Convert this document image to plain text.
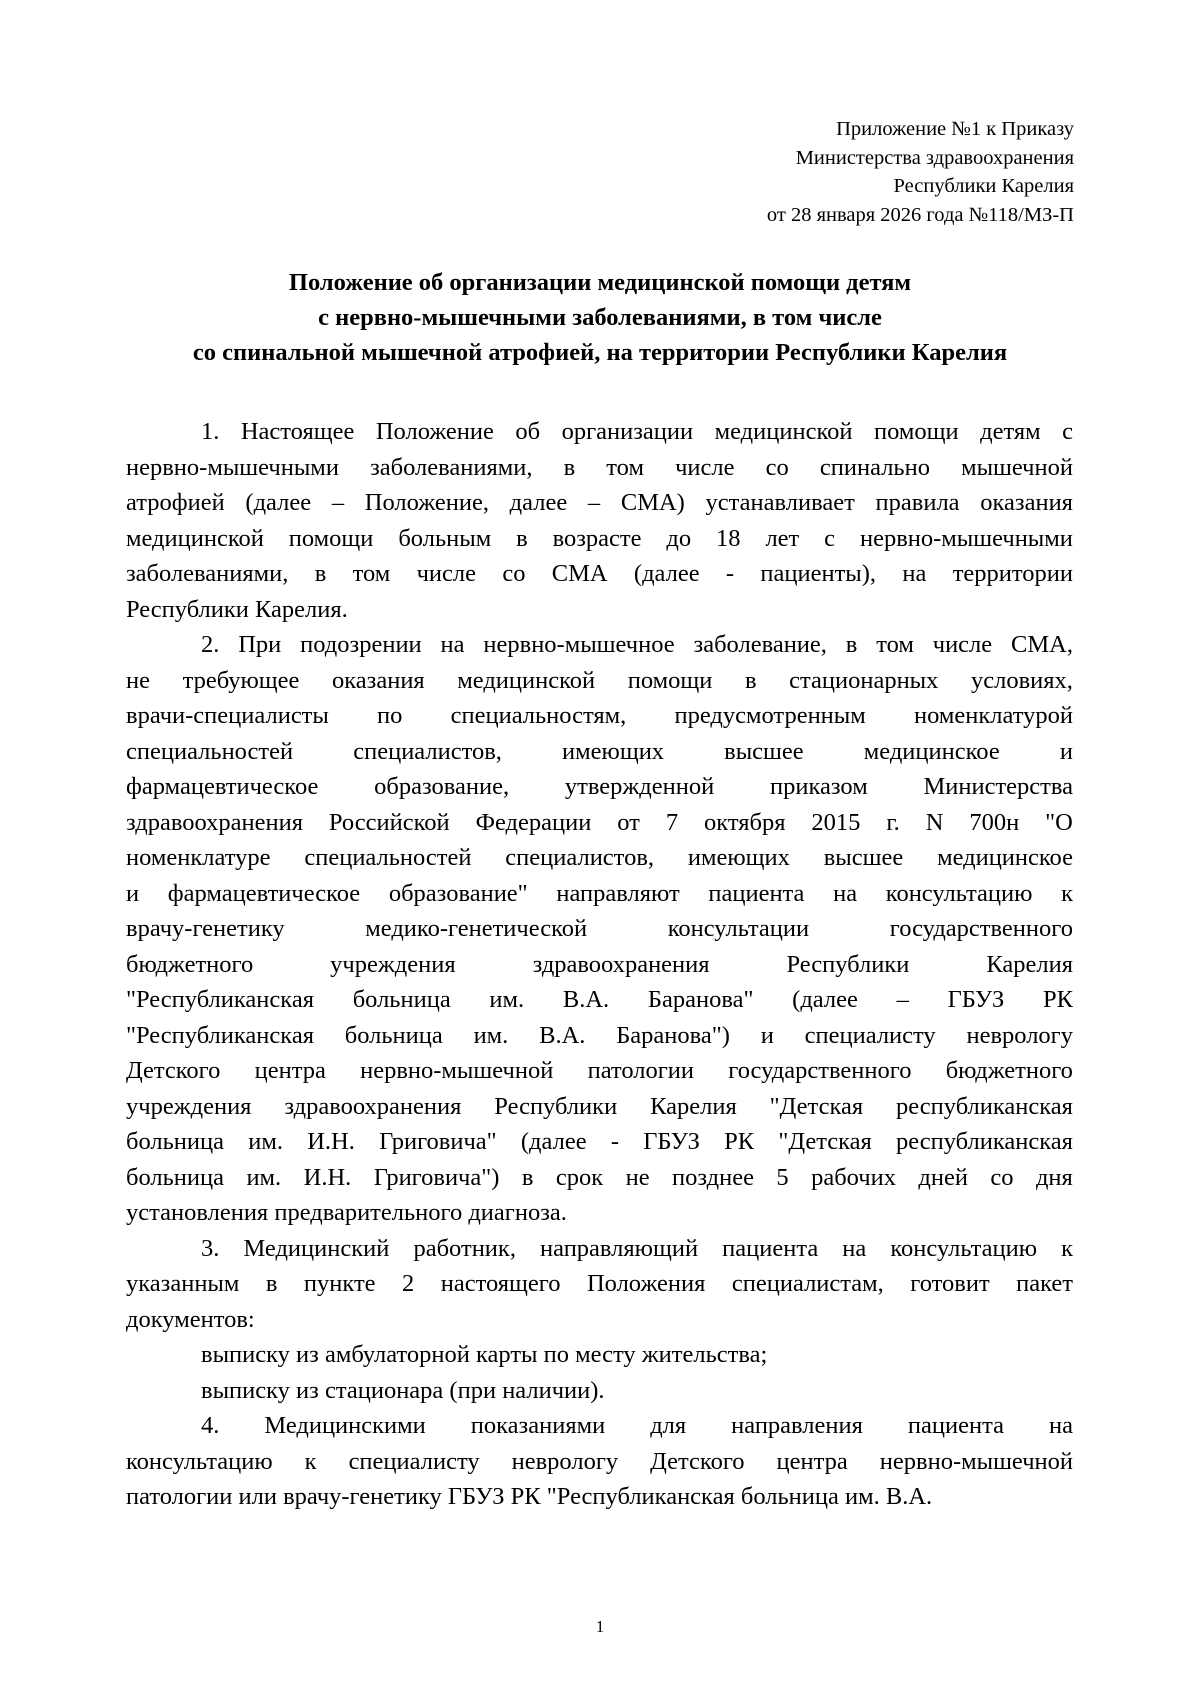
Приложение №1 к Приказу
Министерства здравоохранения
Республики Карелия
от 28 января 2026 года №118/МЗ-П
Положение об организации медицинской помощи детям
с нервно-мышечными заболеваниями, в том числе
со спинальной мышечной атрофией, на территории Республики Карелия
1. Настоящее Положение об организации медицинской помощи детям с
нервно-мышечными заболеваниями, в том числе со спинально мышечной
атрофией (далее – Положение, далее – СМА) устанавливает правила оказания
медицинской помощи больным в возрасте до 18 лет с нервно-мышечными
заболеваниями, в том числе со СМА (далее - пациенты), на территории
Республики Карелия.
2. При подозрении на нервно-мышечное заболевание, в том числе СМА,
не требующее оказания медицинской помощи в стационарных условиях,
врачи-специалисты по специальностям, предусмотренным номенклатурой
специальностей специалистов, имеющих высшее медицинское и
фармацевтическое образование, утвержденной приказом Министерства
здравоохранения Российской Федерации от 7 октября 2015 г. N 700н "О
номенклатуре специальностей специалистов, имеющих высшее медицинское
и фармацевтическое образование" направляют пациента на консультацию к
врачу-генетику	медико-генетической	консультации	государственного
бюджетного	учреждения	здравоохранения	Республики	Карелия
"Республиканская больница им. В.А. Баранова" (далее – ГБУЗ РК
"Республиканская больница им. В.А. Баранова") и специалисту неврологу
Детского центра нервно-мышечной патологии государственного бюджетного
учреждения здравоохранения Республики Карелия "Детская республиканская
больница им. И.Н. Григовича" (далее - ГБУЗ РК "Детская республиканская
больница им. И.Н. Григовича") в срок не позднее 5 рабочих дней со дня
установления предварительного диагноза.
3. Медицинский работник, направляющий пациента на консультацию к
указанным в пункте 2 настоящего Положения специалистам, готовит пакет
документов:

выписку из амбулаторной карты по месту жительства;

выписку из стационара (при наличии).

4. Медицинскими показаниями для направления пациента на
консультацию к специалисту неврологу Детского центра нервно-мышечной
патологии или врачу-генетику ГБУЗ РК "Республиканская больница им. В.А.
1
